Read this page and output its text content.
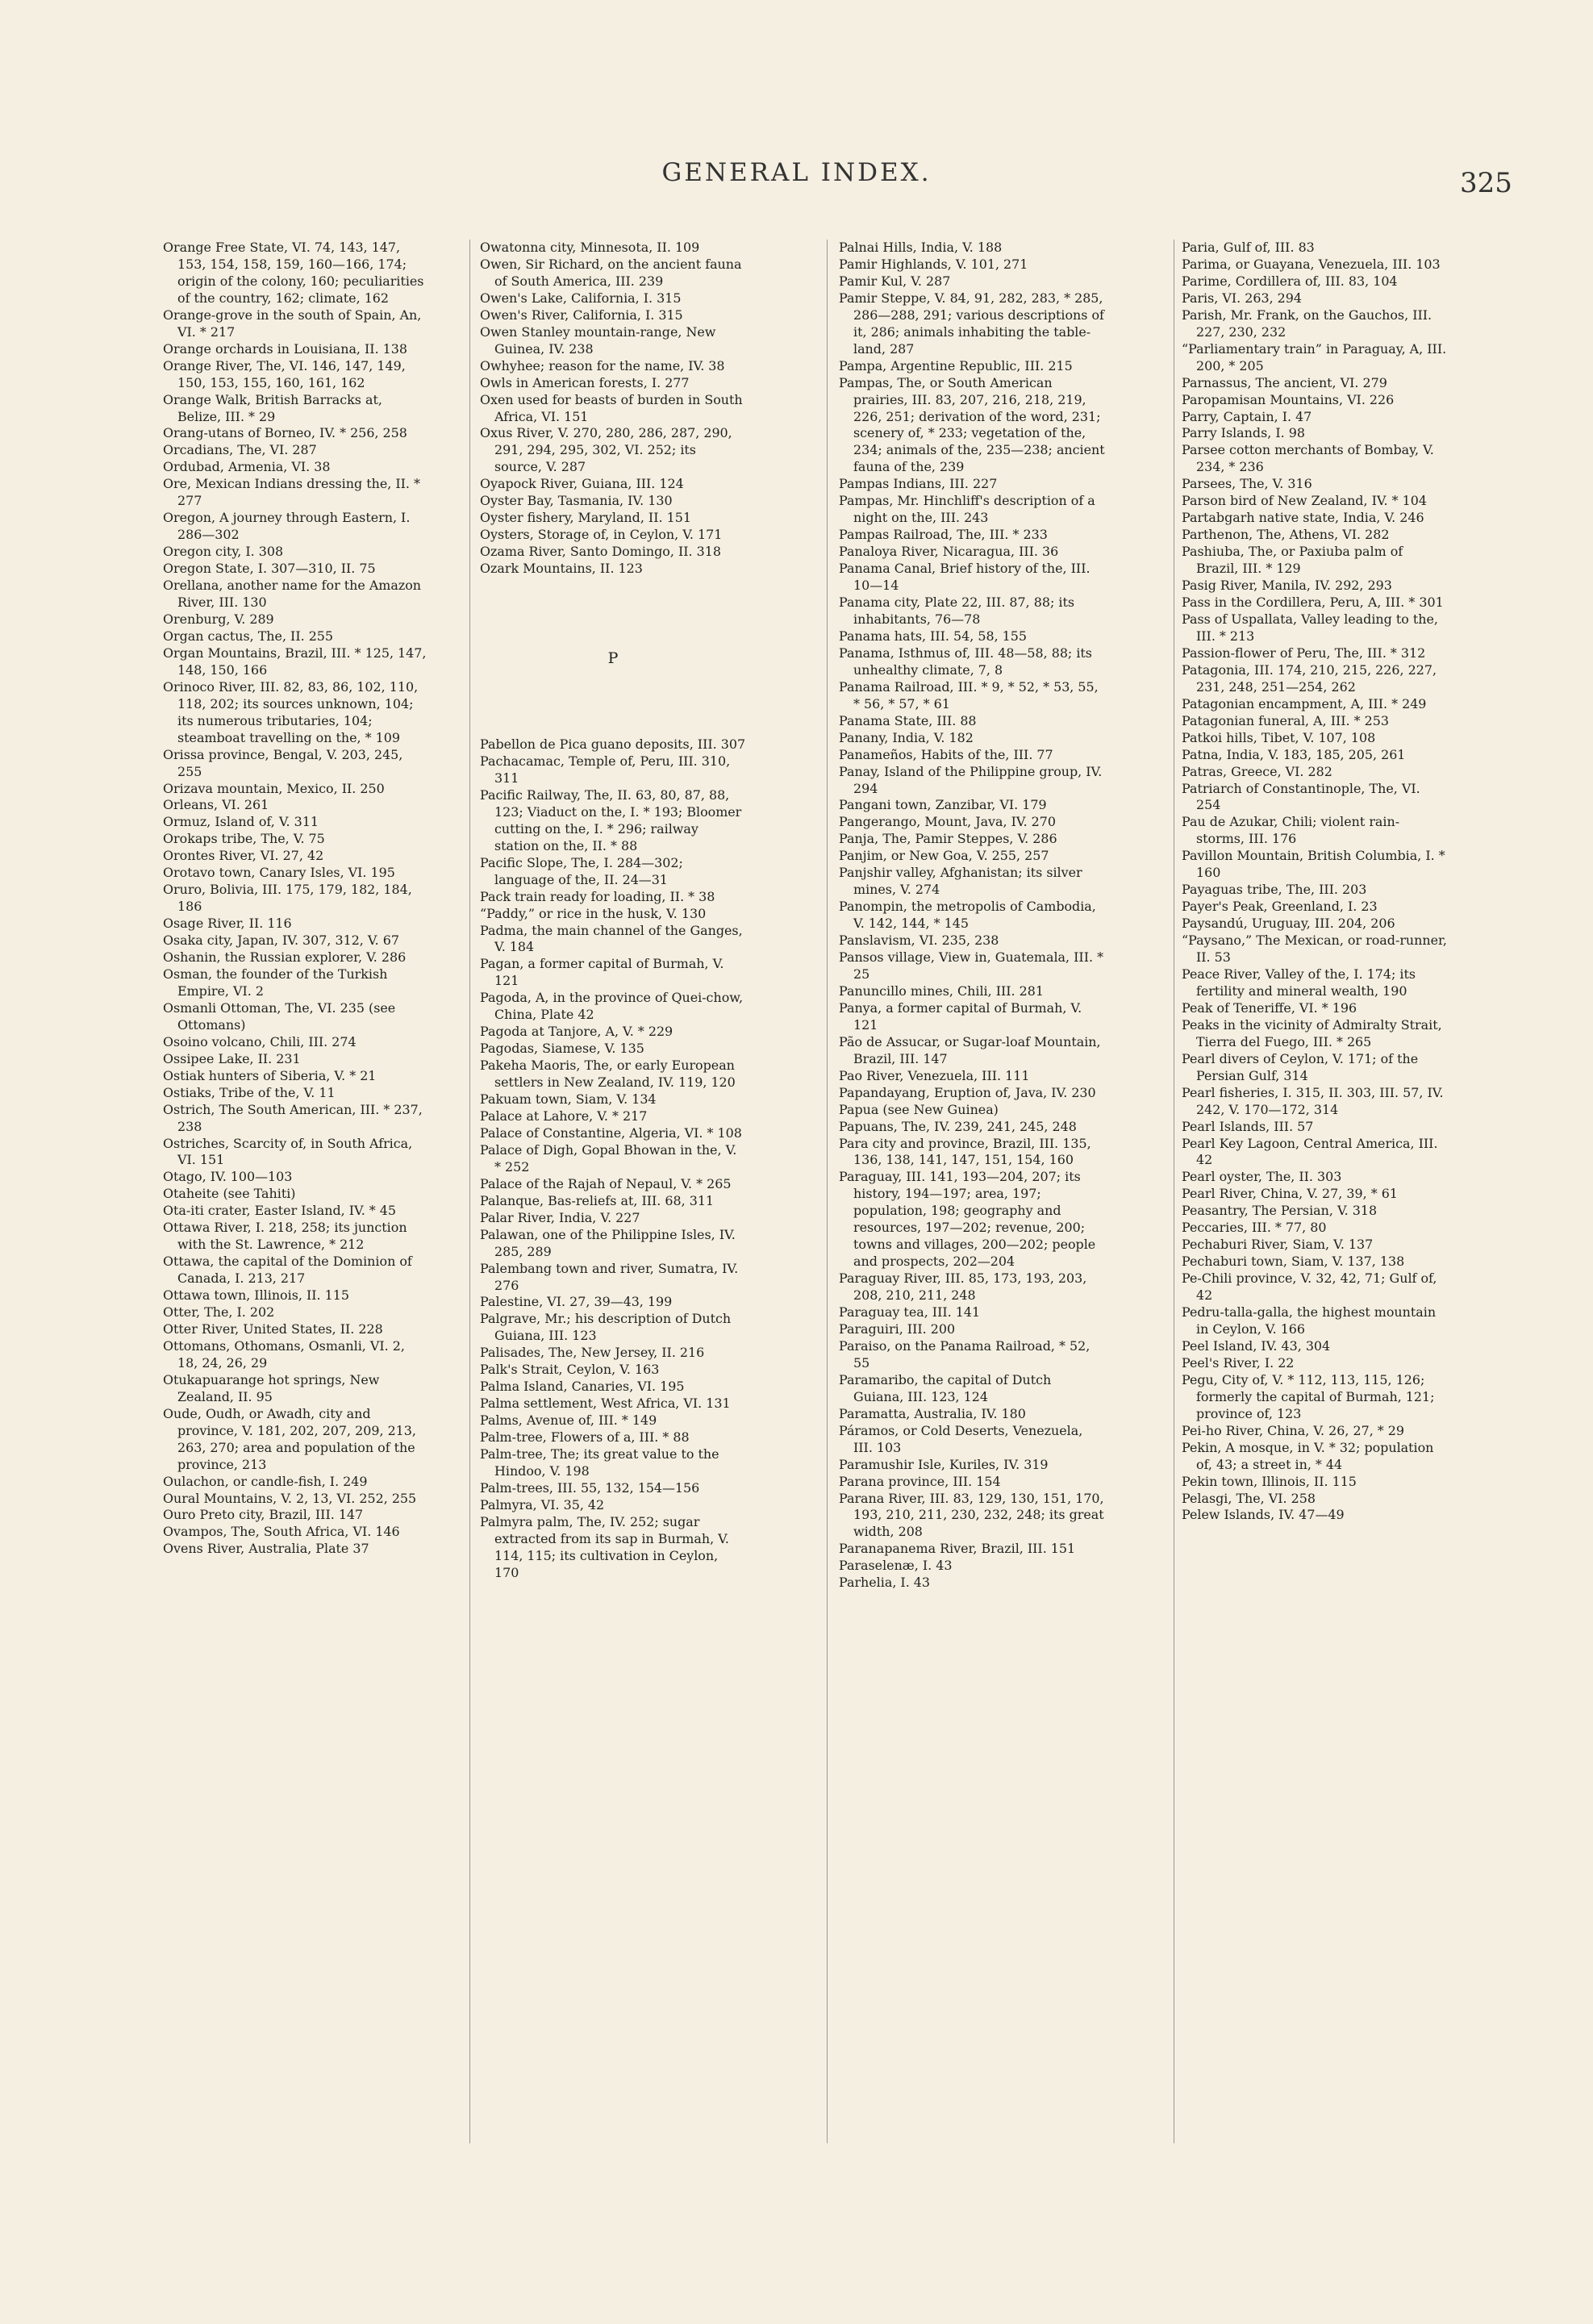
GENERAL INDEX.	325
Orange Free State, VI. 74, 143, 147, 153, 154, 158, 159, 160—166, 174; origin of the colony, 160; peculiarities of the country, 162; climate, 162
Orange-grove in the south of Spain, An, VI. * 217
Orange orchards in Louisiana, II. 138
Orange River, The, VI. 146, 147, 149, 150, 153, 155, 160, 161, 162
Orange Walk, British Barracks at, Belize, III. * 29
Orang-utans of Borneo, IV. * 256, 258
Orcadians, The, VI. 287
Ordubad, Armenia, VI. 38
Ore, Mexican Indians dressing the, II. * 277
Oregon, A journey through Eastern, I. 286—302
Oregon city, I. 308
Oregon State, I. 307—310, II. 75
Orellana, another name for the Amazon River, III. 130
Orenburg, V. 289
Organ cactus, The, II. 255
Organ Mountains, Brazil, III. * 125, 147, 148, 150, 166
Orinoco River, III. 82, 83, 86, 102, 110, 118, 202; its sources unknown, 104; its numerous tributaries, 104; steamboat travelling on the, * 109
Orissa province, Bengal, V. 203, 245, 255
Orizava mountain, Mexico, II. 250
Orleans, VI. 261
Ormuz, Island of, V. 311
Orokaps tribe, The, V. 75
Orontes River, VI. 27, 42
Orotavo town, Canary Isles, VI. 195
Oruro, Bolivia, III. 175, 179, 182, 184, 186
Osage River, II. 116
Osaka city, Japan, IV. 307, 312, V. 67
Oshanin, the Russian explorer, V. 286
Osman, the founder of the Turkish Empire, VI. 2
Osmanli Ottoman, The, VI. 235 (see Ottomans)
Osoino volcano, Chili, III. 274
Ossipee Lake, II. 231
Ostiak hunters of Siberia, V. * 21
Ostiaks, Tribe of the, V. 11
Ostrich, The South American, III. * 237, 238
Ostriches, Scarcity of, in South Africa, VI. 151
Otago, IV. 100—103
Otaheite (see Tahiti)
Ota-iti crater, Easter Island, IV. * 45
Ottawa River, I. 218, 258; its junction with the St. Lawrence, * 212
Ottawa, the capital of the Dominion of Canada, I. 213, 217
Ottawa town, Illinois, II. 115
Otter, The, I. 202
Otter River, United States, II. 228
Ottomans, Othomans, Osmanli, VI. 2, 18, 24, 26, 29
Otukapuarange hot springs, New Zealand, II. 95
Oude, Oudh, or Awadh, city and province, V. 181, 202, 207, 209, 213, 263, 270; area and population of the province, 213
Oulachon, or candle-fish, I. 249
Oural Mountains, V. 2, 13, VI. 252, 255
Ouro Preto city, Brazil, III. 147
Ovampos, The, South Africa, VI. 146
Ovens River, Australia, Plate 37
Owatonna city, Minnesota, II. 109
Owen, Sir Richard, on the ancient fauna of South America, III. 239
Owen's Lake, California, I. 315
Owen's River, California, I. 315
Owen Stanley mountain-range, New Guinea, IV. 238
Owhyhee; reason for the name, IV. 38
Owls in American forests, I. 277
Oxen used for beasts of burden in South Africa, VI. 151
Oxus River, V. 270, 280, 286, 287, 290, 291, 294, 295, 302, VI. 252; its source, V. 287
Oyapock River, Guiana, III. 124
Oyster Bay, Tasmania, IV. 130
Oyster fishery, Maryland, II. 151
Oysters, Storage of, in Ceylon, V. 171
Ozama River, Santo Domingo, II. 318
Ozark Mountains, II. 123
P
Pabellon de Pica guano deposits, III. 307
Pachacamac, Temple of, Peru, III. 310, 311
Pacific Railway, The, II. 63, 80, 87, 88, 123; Viaduct on the, I. * 193; Bloomer cutting on the, I. * 296; railway station on the, II. * 88
Pacific Slope, The, I. 284—302; language of the, II. 24—31
Pack train ready for loading, II. * 38
“Paddy,” or rice in the husk, V. 130
Padma, the main channel of the Ganges, V. 184
Pagan, a former capital of Burmah, V. 121
Pagoda, A, in the province of Quei-chow, China, Plate 42
Pagoda at Tanjore, A, V. * 229
Pagodas, Siamese, V. 135
Pakeha Maoris, The, or early European settlers in New Zealand, IV. 119, 120
Pakuam town, Siam, V. 134
Palace at Lahore, V. * 217
Palace of Constantine, Algeria, VI. * 108
Palace of Digh, Gopal Bhowan in the, V. * 252
Palace of the Rajah of Nepaul, V. * 265
Palanque, Bas-reliefs at, III. 68, 311
Palar River, India, V. 227
Palawan, one of the Philippine Isles, IV. 285, 289
Palembang town and river, Sumatra, IV. 276
Palestine, VI. 27, 39—43, 199
Palgrave, Mr.; his description of Dutch Guiana, III. 123
Palisades, The, New Jersey, II. 216
Palk's Strait, Ceylon, V. 163
Palma Island, Canaries, VI. 195
Palma settlement, West Africa, VI. 131
Palms, Avenue of, III. * 149
Palm-tree, Flowers of a, III. * 88
Palm-tree, The; its great value to the Hindoo, V. 198
Palm-trees, III. 55, 132, 154—156
Palmyra, VI. 35, 42
Palmyra palm, The, IV. 252; sugar extracted from its sap in Burmah, V. 114, 115; its cultivation in Ceylon, 170
Palnai Hills, India, V. 188
Pamir Highlands, V. 101, 271
Pamir Kul, V. 287
Pamir Steppe, V. 84, 91, 282, 283, * 285, 286—288, 291; various descriptions of it, 286; animals inhabiting the table-land, 287
Pampa, Argentine Republic, III. 215
Pampas, The, or South American prairies, III. 83, 207, 216, 218, 219, 226, 251; derivation of the word, 231; scenery of, * 233; vegetation of the, 234; animals of the, 235—238; ancient fauna of the, 239
Pampas Indians, III. 227
Pampas, Mr. Hinchliff's description of a night on the, III. 243
Pampas Railroad, The, III. * 233
Panaloya River, Nicaragua, III. 36
Panama Canal, Brief history of the, III. 10—14
Panama city, Plate 22, III. 87, 88; its inhabitants, 76—78
Panama hats, III. 54, 58, 155
Panama, Isthmus of, III. 48—58, 88; its unhealthy climate, 7, 8
Panama Railroad, III. * 9, * 52, * 53, 55, * 56, * 57, * 61
Panama State, III. 88
Panany, India, V. 182
Panameños, Habits of the, III. 77
Panay, Island of the Philippine group, IV. 294
Pangani town, Zanzibar, VI. 179
Pangerango, Mount, Java, IV. 270
Panja, The, Pamir Steppes, V. 286
Panjim, or New Goa, V. 255, 257
Panjshir valley, Afghanistan; its silver mines, V. 274
Panompin, the metropolis of Cambodia, V. 142, 144, * 145
Panslavism, VI. 235, 238
Pansos village, View in, Guatemala, III. * 25
Panuncillo mines, Chili, III. 281
Panya, a former capital of Burmah, V. 121
Pão de Assucar, or Sugar-loaf Mountain, Brazil, III. 147
Pao River, Venezuela, III. 111
Papandayang, Eruption of, Java, IV. 230
Papua (see New Guinea)
Papuans, The, IV. 239, 241, 245, 248
Para city and province, Brazil, III. 135, 136, 138, 141, 147, 151, 154, 160
Paraguay, III. 141, 193—204, 207; its history, 194—197; area, 197; population, 198; geography and resources, 197—202; revenue, 200; towns and villages, 200—202; people and prospects, 202—204
Paraguay River, III. 85, 173, 193, 203, 208, 210, 211, 248
Paraguay tea, III. 141
Paraguiri, III. 200
Paraiso, on the Panama Railroad, * 52, 55
Paramaribo, the capital of Dutch Guiana, III. 123, 124
Paramatta, Australia, IV. 180
Páramos, or Cold Deserts, Venezuela, III. 103
Paramushir Isle, Kuriles, IV. 319
Parana province, III. 154
Parana River, III. 83, 129, 130, 151, 170, 193, 210, 211, 230, 232, 248; its great width, 208
Paranapanema River, Brazil, III. 151
Paraselenæ, I. 43
Parhelia, I. 43
Paria, Gulf of, III. 83
Parima, or Guayana, Venezuela, III. 103
Parime, Cordillera of, III. 83, 104
Paris, VI. 263, 294
Parish, Mr. Frank, on the Gauchos, III. 227, 230, 232
“Parliamentary train” in Paraguay, A, III. 200, * 205
Parnassus, The ancient, VI. 279
Paropamisan Mountains, VI. 226
Parry, Captain, I. 47
Parry Islands, I. 98
Parsee cotton merchants of Bombay, V. 234, * 236
Parsees, The, V. 316
Parson bird of New Zealand, IV. * 104
Partabgarh native state, India, V. 246
Parthenon, The, Athens, VI. 282
Pashiuba, The, or Paxiuba palm of Brazil, III. * 129
Pasig River, Manila, IV. 292, 293
Pass in the Cordillera, Peru, A, III. * 301
Pass of Uspallata, Valley leading to the, III. * 213
Passion-flower of Peru, The, III. * 312
Patagonia, III. 174, 210, 215, 226, 227, 231, 248, 251—254, 262
Patagonian encampment, A, III. * 249
Patagonian funeral, A, III. * 253
Patkoi hills, Tibet, V. 107, 108
Patna, India, V. 183, 185, 205, 261
Patras, Greece, VI. 282
Patriarch of Constantinople, The, VI. 254
Pau de Azukar, Chili; violent rain-storms, III. 176
Pavillon Mountain, British Columbia, I. * 160
Payaguas tribe, The, III. 203
Payer's Peak, Greenland, I. 23
Paysandú, Uruguay, III. 204, 206
“Paysano,” The Mexican, or road-runner, II. 53
Peace River, Valley of the, I. 174; its fertility and mineral wealth, 190
Peak of Teneriffe, VI. * 196
Peaks in the vicinity of Admiralty Strait, Tierra del Fuego, III. * 265
Pearl divers of Ceylon, V. 171; of the Persian Gulf, 314
Pearl fisheries, I. 315, II. 303, III. 57, IV. 242, V. 170—172, 314
Pearl Islands, III. 57
Pearl Key Lagoon, Central America, III. 42
Pearl oyster, The, II. 303
Pearl River, China, V. 27, 39, * 61
Peasantry, The Persian, V. 318
Peccaries, III. * 77, 80
Pechaburi River, Siam, V. 137
Pechaburi town, Siam, V. 137, 138
Pe-Chili province, V. 32, 42, 71; Gulf of, 42
Pedru-talla-galla, the highest mountain in Ceylon, V. 166
Peel Island, IV. 43, 304
Peel's River, I. 22
Pegu, City of, V. * 112, 113, 115, 126; formerly the capital of Burmah, 121; province of, 123
Pei-ho River, China, V. 26, 27, * 29
Pekin, A mosque, in V. * 32; population of, 43; a street in, * 44
Pekin town, Illinois, II. 115
Pelasgi, The, VI. 258
Pelew Islands, IV. 47—49
